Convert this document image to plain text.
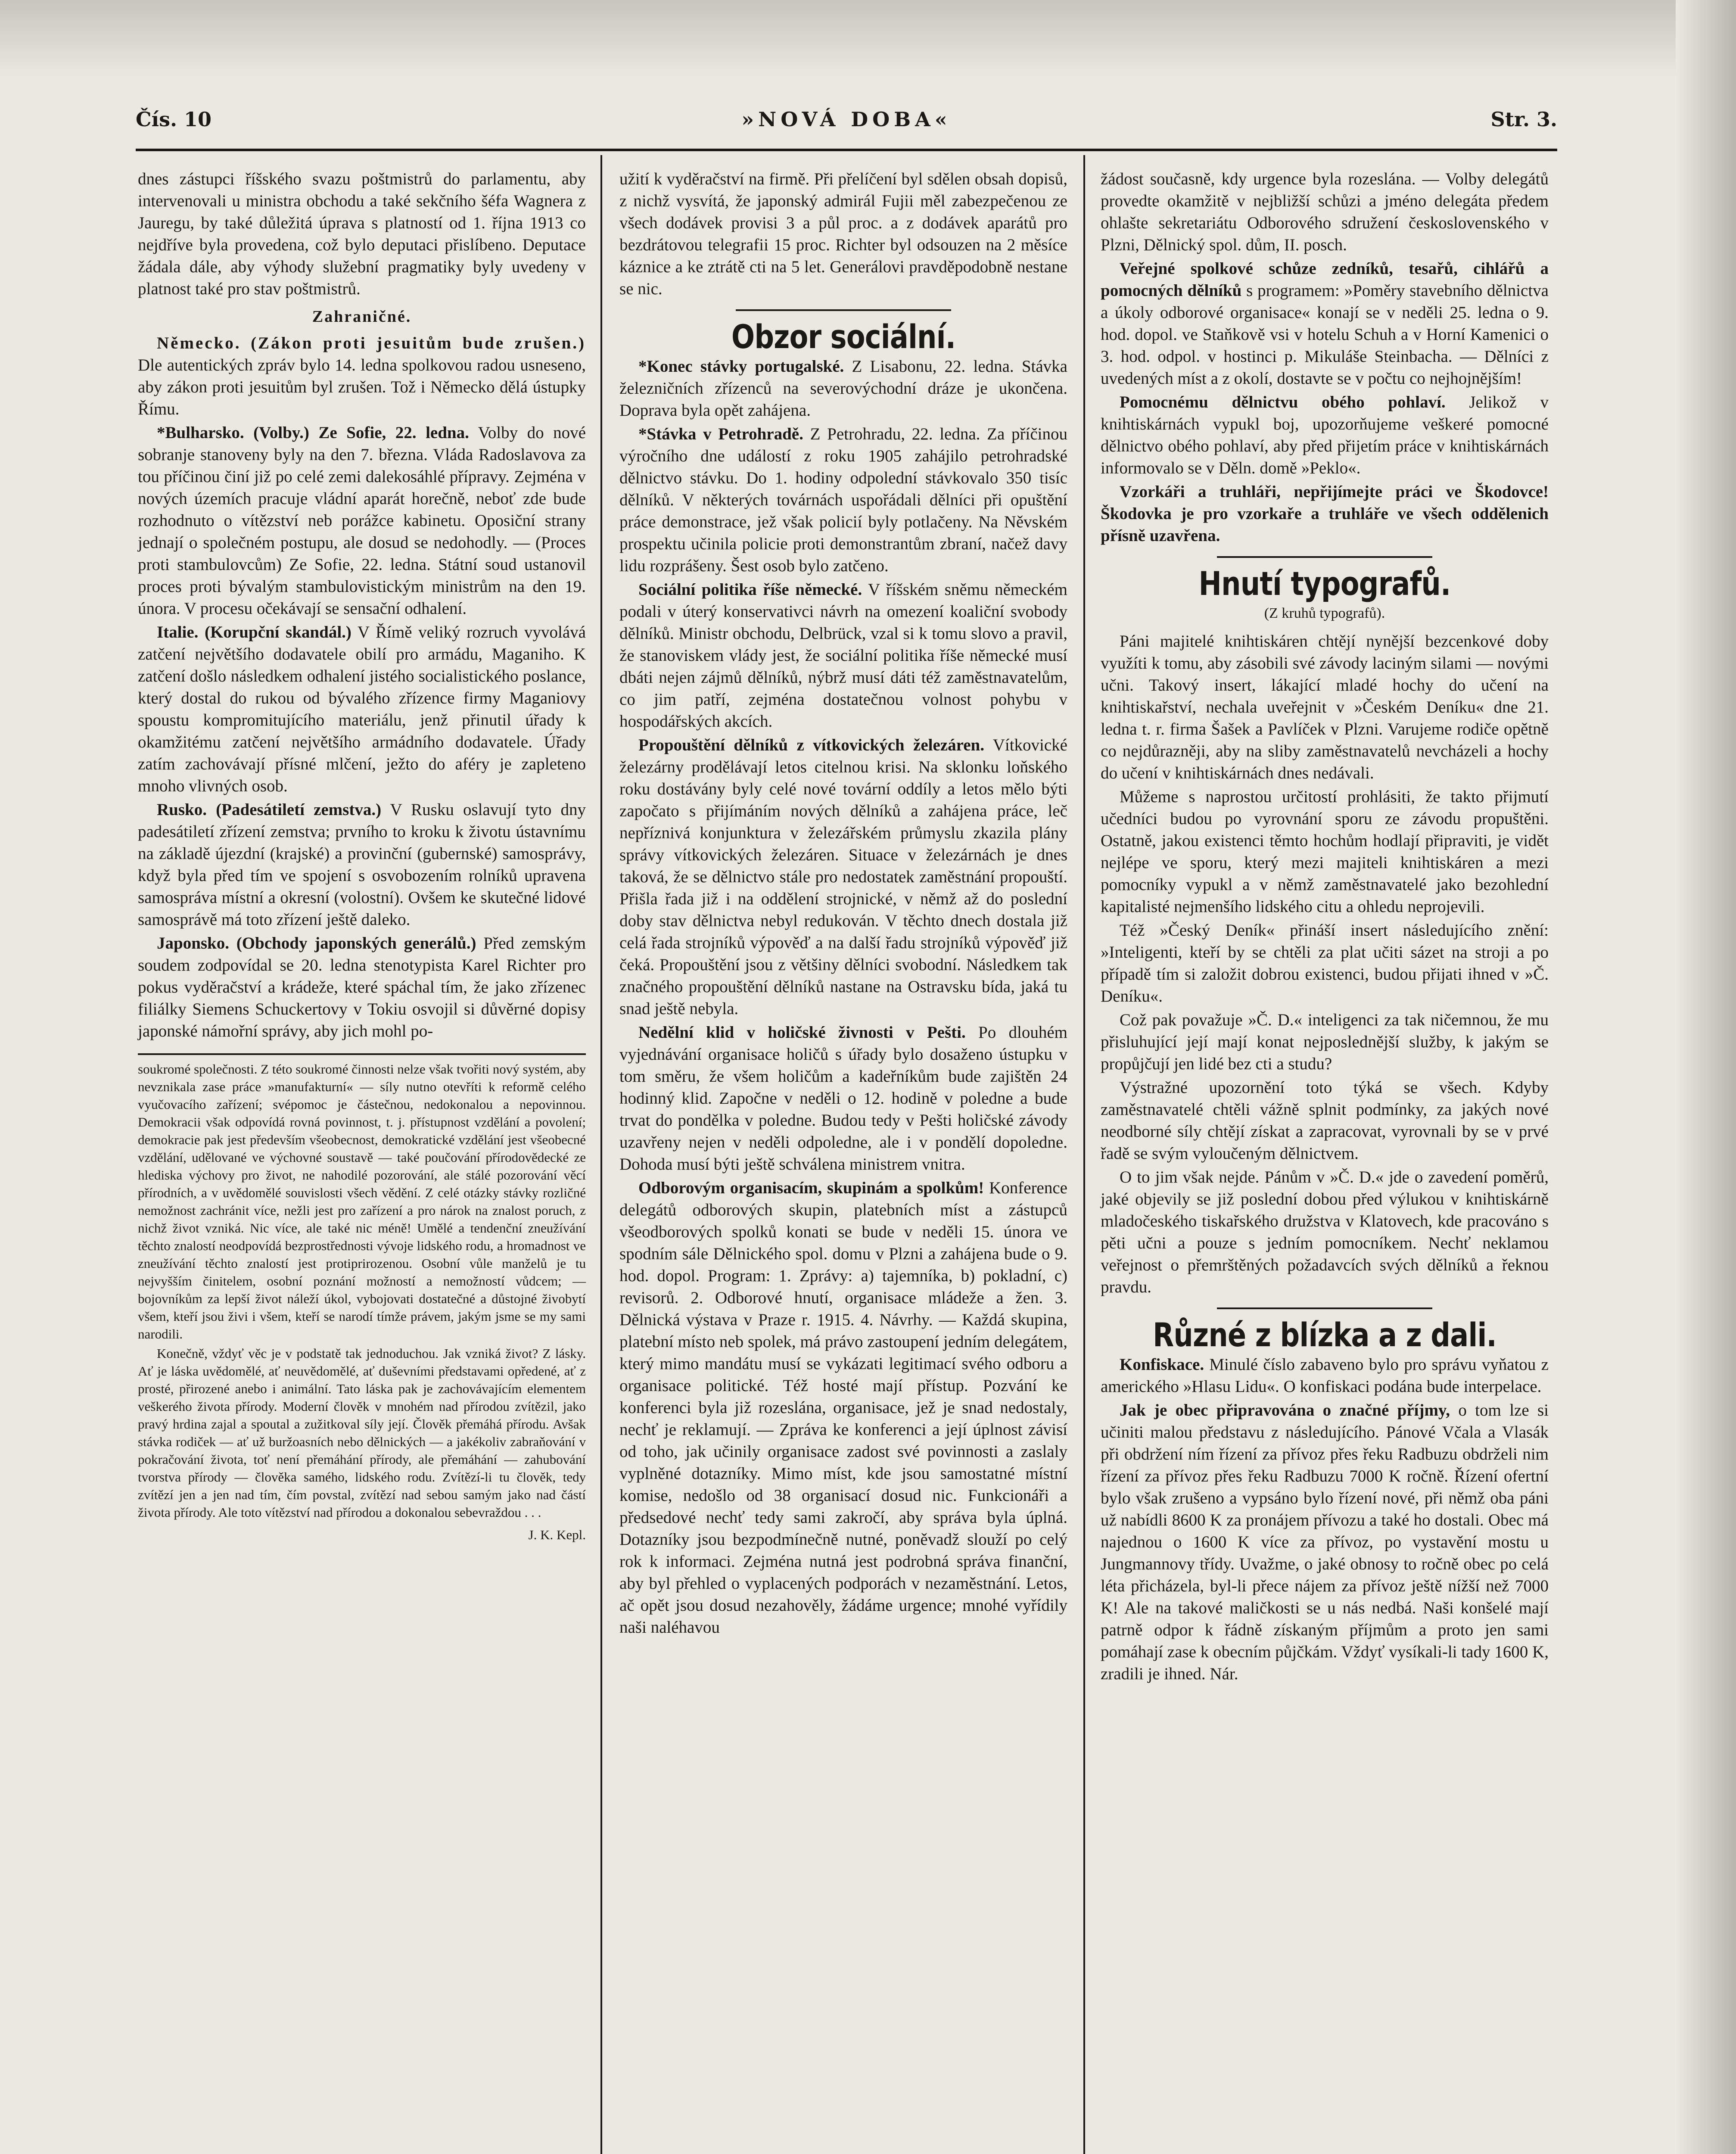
Čís. 10	»NOVÁ DOBA«	Str. 3.

dnes zástupci říšského svazu poštmistrů do parlamentu, aby intervenovali u ministra obchodu a také sekčního šéfa Wagnera z Jauregu, by také důležitá úprava s platností od 1. října 1913 co nejdříve byla provedena, což bylo deputaci přislíbeno. Deputace žádala dále, aby výhody služební pragmatiky byly uvedeny v platnost také pro stav poštmistrů.

Zahraničné.

Německo. (Zákon proti jesuitům bude zrušen.) Dle autentických zpráv bylo 14. ledna spolkovou radou usneseno, aby zákon proti jesuitům byl zrušen. Tož i Německo dělá ústupky Římu.

*Bulharsko. (Volby.) Ze Sofie, 22. ledna. Volby do nové sobranje stanoveny byly na den 7. března. Vláda Radoslavova za tou příčinou činí již po celé zemi dalekosáhlé přípravy. Zejména v nových územích pracuje vládní aparát horečně, neboť zde bude rozhodnuto o vítězství neb porážce kabinetu. Oposiční strany jednají o společném postupu, ale dosud se nedohodly. — (Proces proti stambulovcům) Ze Sofie, 22. ledna. Státní soud ustanovil proces proti bývalým stambulovistickým ministrům na den 19. února. V procesu očekávají se sensační odhalení.

Italie. (Korupční skandál.) V Římě veliký rozruch vyvolává zatčení největšího dodavatele obilí pro armádu, Maganiho. K zatčení došlo následkem odhalení jistého socialistického poslance, který dostal do rukou od bývalého zřízence firmy Maganiovy spoustu kompromitujícího materiálu, jenž přinutil úřady k okamžitému zatčení největšího armádního dodavatele. Úřady zatím zachovávají přísné mlčení, ježto do aféry je zapleteno mnoho vlivných osob.

Rusko. (Padesátiletí zemstva.) V Rusku oslavují tyto dny padesátiletí zřízení zemstva; prvního to kroku k životu ústavnímu na základě újezdní (krajské) a provinční (gubernské) samosprávy, když byla před tím ve spojení s osvobozením rolníků upravena samospráva místní a okresní (volostní). Ovšem ke skutečné lidové samosprávě má toto zřízení ještě daleko.

Japonsko. (Obchody japonských generálů.) Před zemským soudem zodpovídal se 20. ledna stenotypista Karel Richter pro pokus vyděračství a krádeže, které spáchal tím, že jako zřízenec filiálky Siemens Schuckertovy v Tokiu osvojil si důvěrné dopisy japonské námořní správy, aby jich mohl po-

soukromé společnosti. Z této soukromé činnosti nelze však tvořiti nový systém, aby nevznikala zase práce »manufakturní« — síly nutno otevříti k reformě celého vyučovacího zařízení; svépomoc je částečnou, nedokonalou a nepovinnou. Demokracii však odpovídá rovná povinnost, t. j. přístupnost vzdělání a povolení; demokracie pak jest především všeobecnost, demokratické vzdělání jest všeobecné vzdělání, udělované ve výchovné soustavě — také poučování přírodovědecké ze hlediska výchovy pro život, ne nahodilé pozorování, ale stálé pozorování věcí přírodních, a v uvědomělé souvislosti všech vědění. Z celé otázky stávky rozličné nemožnost zachránit více, nežli jest pro zařízení a pro nárok na znalost poruch, z nichž život vzniká. Nic více, ale také nic méně! Umělé a tendenční zneužívání těchto znalostí neodpovídá bezprostřednosti vývoje lidského rodu, a hromadnost ve zneužívání těchto znalostí jest protiprirozenou. Osobní vůle manželů je tu nejvyšším činitelem, osobní poznání možností a nemožností vůdcem; — bojovníkům za lepší život náleží úkol, vybojovati dostatečné a důstojné živobytí všem, kteří jsou živi i všem, kteří se narodí tímže právem, jakým jsme se my sami narodili.

Konečně, vždyť věc je v podstatě tak jednoduchou. Jak vzniká život? Z lásky. Ať je láska uvědomělé, ať neuvědomělé, ať duševními představami opředené, ať z prosté, přirozené anebo i animální. Tato láska pak je zachovávajícím elementem veškerého života přírody. Moderní člověk v mnohém nad přírodou zvítězil, jako pravý hrdina zajal a spoutal a zužitkoval síly její. Člověk přemáhá přírodu. Avšak stávka rodiček — ať už buržoasních nebo dělnických — a jakékoliv zabraňování v pokračování života, toť není přemáhání přírody, ale přemáhání — zahubování tvorstva přírody — člověka samého, lidského rodu. Zvítězí-li tu člověk, tedy zvítězí jen a jen nad tím, čím povstal, zvítězí nad sebou samým jako nad částí života přírody. Ale toto vítězství nad přírodou a dokonalou sebevraždou . . .

J. K. Kepl.

užití k vyděračství na firmě. Při přelíčení byl sdělen obsah dopisů, z nichž vysvítá, že japonský admirál Fujii měl zabezpečenou ze všech dodávek provisi 3 a půl proc. a z dodávek aparátů pro bezdrátovou telegrafii 15 proc. Richter byl odsouzen na 2 měsíce káznice a ke ztrátě cti na 5 let. Generálovi pravděpodobně nestane se nic.

Obzor sociální.

*Konec stávky portugalské. Z Lisabonu, 22. ledna. Stávka železničních zřízenců na severovýchodní dráze je ukončena. Doprava byla opět zahájena.

*Stávka v Petrohradě. Z Petrohradu, 22. ledna. Za příčinou výročního dne událostí z roku 1905 zahájilo petrohradské dělnictvo stávku. Do 1. hodiny odpolední stávkovalo 350 tisíc dělníků. V některých továrnách uspořádali dělníci při opuštění práce demonstrace, jež však policií byly potlačeny. Na Něvském prospektu učinila policie proti demonstrantům zbraní, načež davy lidu rozprášeny. Šest osob bylo zatčeno.

Sociální politika říše německé. V říšském sněmu německém podali v úterý konservativci návrh na omezení koaliční svobody dělníků. Ministr obchodu, Delbrück, vzal si k tomu slovo a pravil, že stanoviskem vlády jest, že sociální politika říše německé musí dbáti nejen zájmů dělníků, nýbrž musí dáti též zaměstnavatelům, co jim patří, zejména dostatečnou volnost pohybu v hospodářských akcích.

Propouštění dělníků z vítkovických železáren. Vítkovické železárny prodělávají letos citelnou krisi. Na sklonku loňského roku dostávány byly celé nové tovární oddíly a letos mělo býti započato s přijímáním nových dělníků a zahájena práce, leč nepříznivá konjunktura v železářském průmyslu zkazila plány správy vítkovických železáren. Situace v železárnách je dnes taková, že se dělnictvo stále pro nedostatek zaměstnání propouští. Přišla řada již i na oddělení strojnické, v němž až do poslední doby stav dělnictva nebyl redukován. V těchto dnech dostala již celá řada strojníků výpověď a na další řadu strojníků výpověď již čeká. Propouštění jsou z většiny dělníci svobodní. Následkem tak značného propouštění dělníků nastane na Ostravsku bída, jaká tu snad ještě nebyla.

Nedělní klid v holičské živnosti v Pešti. Po dlouhém vyjednávání organisace holičů s úřady bylo dosaženo ústupku v tom směru, že všem holičům a kadeřníkům bude zajištěn 24 hodinný klid. Započne v neděli o 12. hodině v poledne a bude trvat do pondělka v poledne. Budou tedy v Pešti holičské závody uzavřeny nejen v neděli odpoledne, ale i v pondělí dopoledne. Dohoda musí býti ještě schválena ministrem vnitra.

Odborovým organisacím, skupinám a spolkům! Konference delegátů odborových skupin, platebních míst a zástupců všeodborových spolků konati se bude v neděli 15. února ve spodním sále Dělnického spol. domu v Plzni a zahájena bude o 9. hod. dopol. Program: 1. Zprávy: a) tajemníka, b) pokladní, c) revisorů. 2. Odborové hnutí, organisace mládeže a žen. 3. Dělnická výstava v Praze r. 1915. 4. Návrhy. — Každá skupina, platební místo neb spolek, má právo zastoupení jedním delegátem, který mimo mandátu musí se vykázati legitimací svého odboru a organisace politické. Též hosté mají přístup. Pozvání ke konferenci byla již rozeslána, organisace, jež je snad nedostaly, nechť je reklamují. — Zpráva ke konferenci a její úplnost závisí od toho, jak učinily organisace zadost své povinnosti a zaslaly vyplněné dotazníky. Mimo míst, kde jsou samostatné místní komise, nedošlo od 38 organisací dosud nic. Funkcionáři a předsedové nechť tedy sami zakročí, aby správa byla úplná. Dotazníky jsou bezpodmínečně nutné, poněvadž slouží po celý rok k informaci. Zejména nutná jest podrobná správa finanční, aby byl přehled o vyplacených podporách v nezaměstnání. Letos, ač opět jsou dosud nezahověly, žádáme urgence; mnohé vyřídily naši naléhavou

žádost současně, kdy urgence byla rozeslána. — Volby delegátů provedte okamžitě v nejbližší schůzi a jméno delegáta předem ohlašte sekretariátu Odborového sdružení československého v Plzni, Dělnický spol. dům, II. posch.

Veřejné spolkové schůze zedníků, tesařů, cihlářů a pomocných dělníků s programem: »Poměry stavebního dělnictva a úkoly odborové organisace« konají se v neděli 25. ledna o 9. hod. dopol. ve Staňkově vsi v hotelu Schuh a v Horní Kamenici o 3. hod. odpol. v hostinci p. Mikuláše Steinbacha. — Dělníci z uvedených míst a z okolí, dostavte se v počtu co nejhojnějším!

Pomocnému dělnictvu obého pohlaví. Jelikož v knihtiskárnách vypukl boj, upozorňujeme veškeré pomocné dělnictvo obého pohlaví, aby před přijetím práce v knihtiskárnách informovalo se v Děln. domě »Peklo«.

Vzorkáři a truhláři, nepřijímejte práci ve Škodovce! Škodovka je pro vzorkaře a truhláře ve všech oddělenich přísně uzavřena.

Hnutí typografů.
(Z kruhů typografů).

Páni majitelé knihtiskáren chtějí nynější bezcenkové doby využíti k tomu, aby zásobili své závody laciným silami — novými učni. Takový insert, lákající mladé hochy do učení na knihtiskařství, nechala uveřejnit v »Českém Deníku« dne 21. ledna t. r. firma Šašek a Pavlíček v Plzni. Varujeme rodiče opětně co nejdůrazněji, aby na sliby zaměstnavatelů nevcházeli a hochy do učení v knihtiskárnách dnes nedávali.

Můžeme s naprostou určitostí prohlásiti, že takto přijmutí učedníci budou po vyrovnání sporu ze závodu propuštěni. Ostatně, jakou existenci těmto hochům hodlají připraviti, je vidět nejlépe ve sporu, který mezi majiteli knihtiskáren a mezi pomocníky vypukl a v němž zaměstnavatelé jako bezohlední kapitalisté nejmenšího lidského citu a ohledu neprojevili.

Též »Český Deník« přináší insert následujícího znění: »Inteligenti, kteří by se chtěli za plat učiti sázet na stroji a po případě tím si založit dobrou existenci, budou přijati ihned v »Č. Deníku«.

Což pak považuje »Č. D.« inteligenci za tak ničemnou, že mu přisluhující její mají konat nejposlednější služby, k jakým se propůjčují jen lidé bez cti a studu?

Výstražné upozornění toto týká se všech. Kdyby zaměstnavatelé chtěli vážně splnit podmínky, za jakých nové neodborné síly chtějí získat a zapracovat, vyrovnali by se v prvé řadě se svým vyloučeným dělnictvem.

O to jim však nejde. Pánům v »Č. D.« jde o zavedení poměrů, jaké objevily se již poslední dobou před výlukou v knihtiskárně mladočeského tiskařského družstva v Klatovech, kde pracováno s pěti učni a pouze s jedním pomocníkem. Nechť neklamou veřejnost o přemrštěných požadavcích svých dělníků a řeknou pravdu.

Různé z blízka a z dali.

Konfiskace. Minulé číslo zabaveno bylo pro správu vyňatou z amerického »Hlasu Lidu«. O konfiskaci podána bude interpelace.

Jak je obec připravována o značné příjmy, o tom lze si učiniti malou představu z následujícího. Pánové Včala a Vlasák při obdržení ním řízení za přívoz přes řeku Radbuzu obdrželi nim řízení za přívoz přes řeku Radbuzu 7000 K ročně. Řízení ofertní bylo však zrušeno a vypsáno bylo řízení nové, při němž oba páni už nabídli 8600 K za pronájem přívozu a také ho dostali. Obec má najednou o 1600 K více za přívoz, po vystavění mostu u Jungmannovy třídy. Uvažme, o jaké obnosy to ročně obec po celá léta přicházela, byl-li přece nájem za přívoz ještě nížší než 7000 K! Ale na takové maličkosti se u nás nedbá. Naši konšelé mají patrně odpor k řádně získaným příjmům a proto jen sami pomáhají zase k obecním půjčkám. Vždyť vysíkali-li tady 1600 K, zradili je ihned. Nár.
